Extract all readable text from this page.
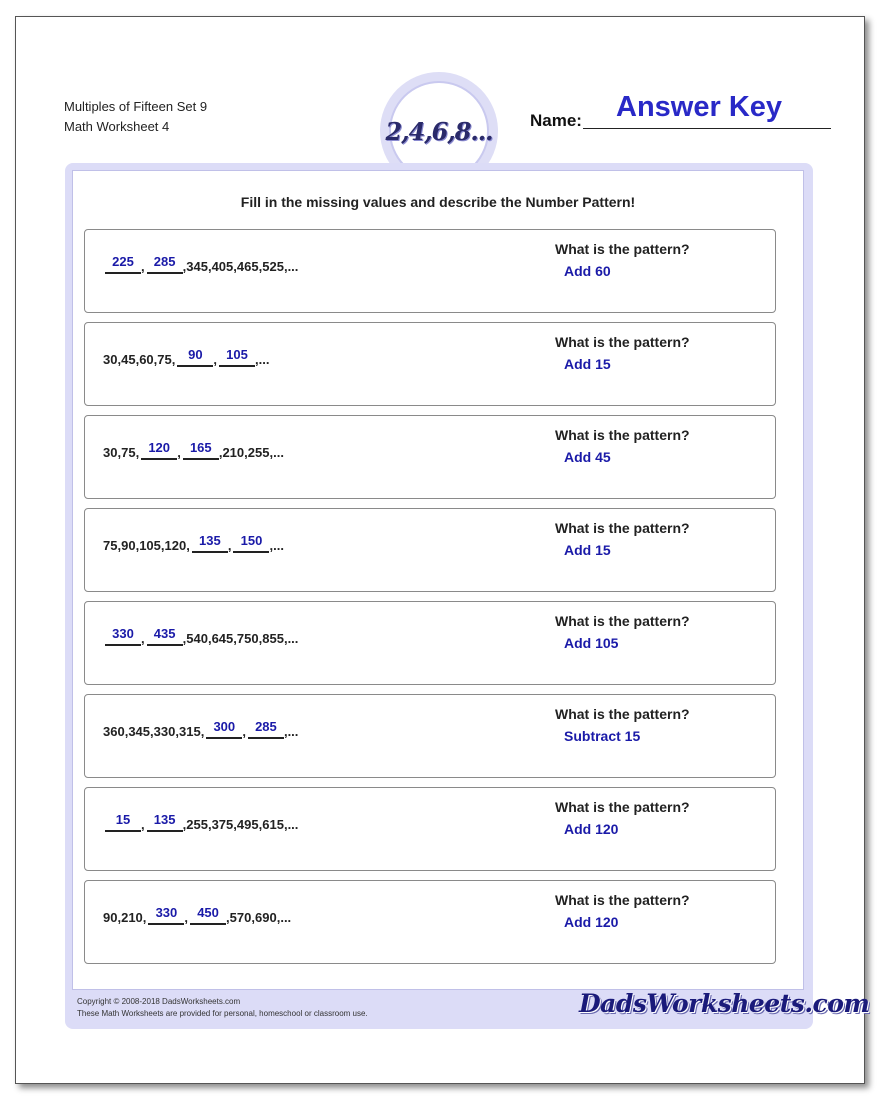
Multiples of Fifteen Set 9
Math Worksheet 4	2,4,6,8...
Answer Key
Name:
Fill in the missing values and describe the Number Pattern!
225 , 285 , 345 , 405 , 465 , 525 , ...
What is the pattern?
Add 60
30 , 45 , 60 , 75 , 90 , 105 , ...
What is the pattern?
Add 15
30 , 75 , 120 , 165 , 210 , 255 , ...
What is the pattern?
Add 45
75 , 90 , 105 , 120 , 135 , 150 , ...
What is the pattern?
Add 15
330 , 435 , 540 , 645 , 750 , 855 , ...
What is the pattern?
Add 105
360 , 345 , 330 , 315 , 300 , 285 , ...
What is the pattern?
Subtract 15
15 , 135 , 255 , 375 , 495 , 615 , ...
What is the pattern?
Add 120
90 , 210 , 330 , 450 , 570 , 690 , ...
What is the pattern?
Add 120
Copyright © 2008-2018 DadsWorksheets.com
These Math Worksheets are provided for personal, homeschool or classroom use.	DadsWorksheets.com
